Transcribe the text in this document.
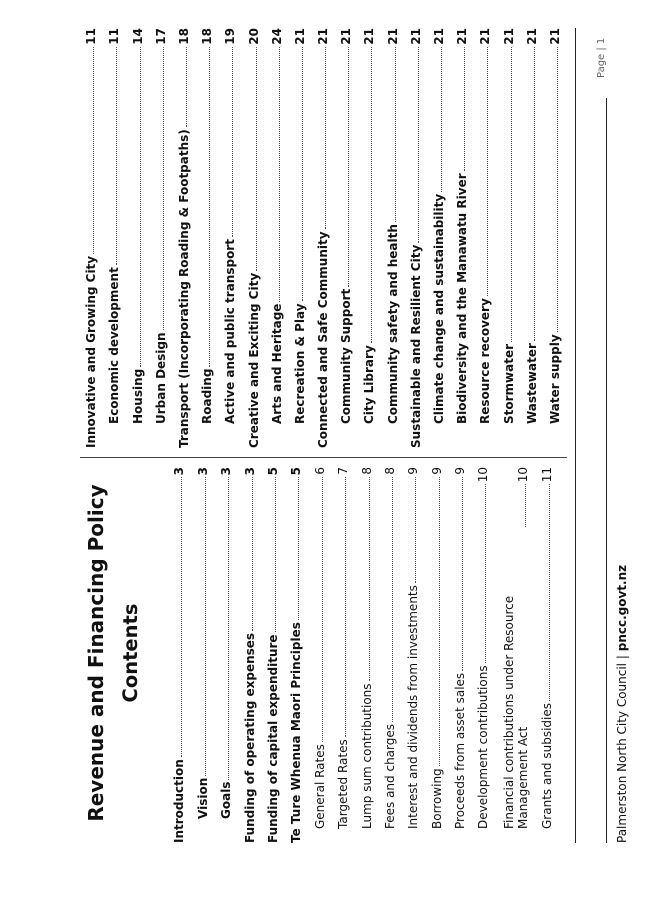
Revenue and Financing Policy Contents
Introduction
3
Vision
3
Goals
3
Funding of operating expenses
3
Funding of capital expenditure
5
Te Ture Whenua Maori Principles
5
General Rates
6
Targeted Rates
7
Lump sum contributions
8
Fees and charges
8
Interest and dividends from investments
9
Borrowing
9
Proceeds from asset sales
9
Development contributions
10
Financial contributions under Resource Management Act
10
Grants and subsidies
11
Innovative and Growing City
11
Economic development
11
Housing
14
Urban Design
17
Transport (Incorporating Roading & Footpaths)
18
Roading
18
Active and public transport
19
Creative and Exciting City
20
Arts and Heritage
24
Recreation & Play
21
Connected and Safe Community
21
Community Support
21
City Library
21
Community safety and health
21
Sustainable and Resilient City
21
Climate change and sustainability
21
Biodiversity and the Manawatu River
21
Resource recovery
21
Stormwater
21
Wastewater
21
Water supply
21
Page | 1
Palmerston North City Council | pncc.govt.nz
